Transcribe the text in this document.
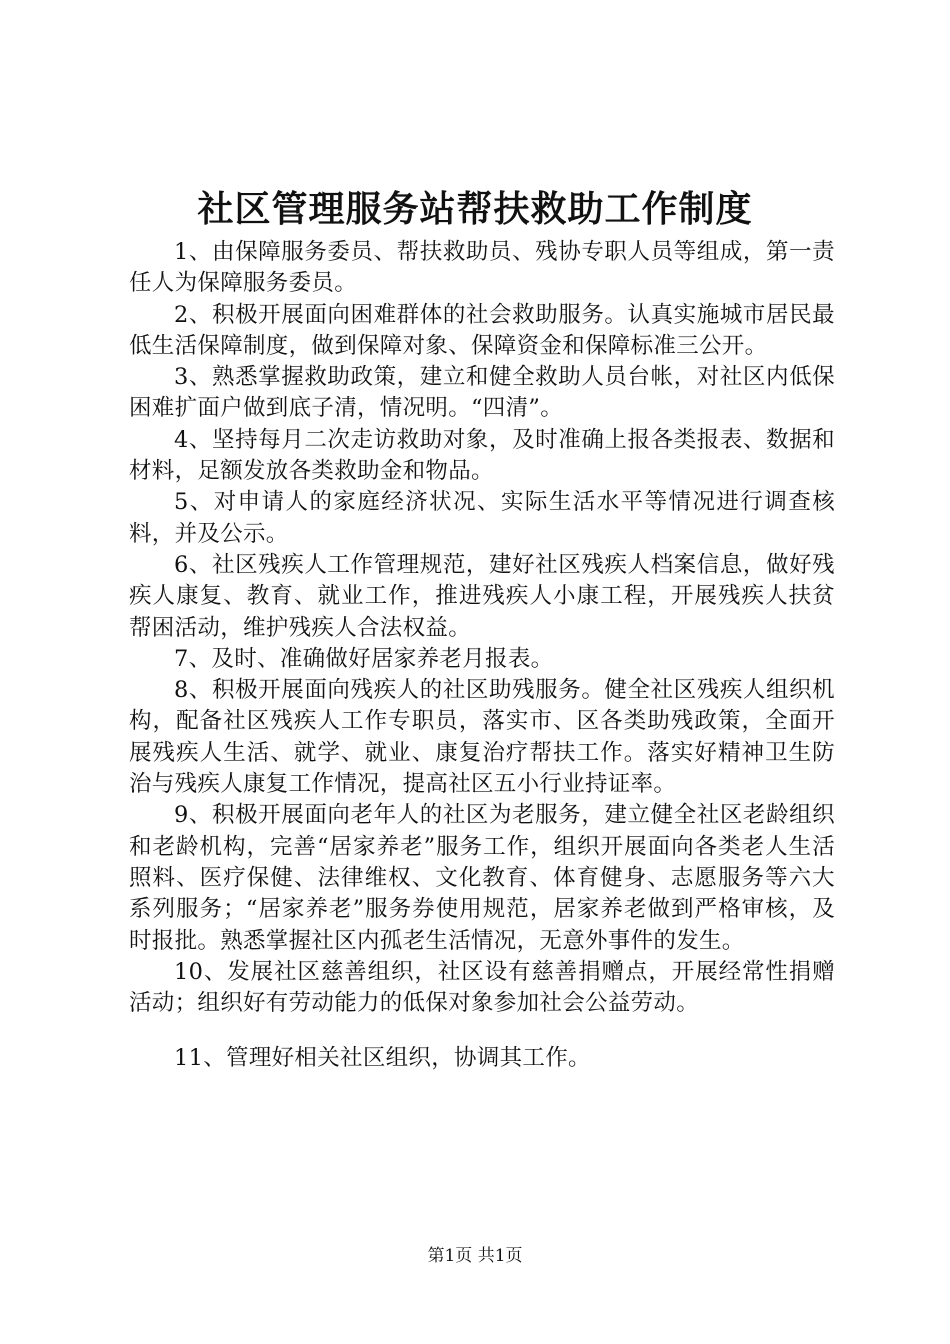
社区管理服务站帮扶救助工作制度

1、由保障服务委员、帮扶救助员、残协专职人员等组成，第一责任人为保障服务委员。

2、积极开展面向困难群体的社会救助服务。认真实施城市居民最低生活保障制度，做到保障对象、保障资金和保障标准三公开。

3、熟悉掌握救助政策，建立和健全救助人员台帐，对社区内低保困难扩面户做到底子清，情况明。“四清”。

4、坚持每月二次走访救助对象，及时准确上报各类报表、数据和材料，足额发放各类救助金和物品。

5、对申请人的家庭经济状况、实际生活水平等情况进行调查核料，并及公示。

6、社区残疾人工作管理规范，建好社区残疾人档案信息，做好残疾人康复、教育、就业工作，推进残疾人小康工程，开展残疾人扶贫帮困活动，维护残疾人合法权益。

7、及时、准确做好居家养老月报表。

8、积极开展面向残疾人的社区助残服务。健全社区残疾人组织机构，配备社区残疾人工作专职员，落实市、区各类助残政策，全面开展残疾人生活、就学、就业、康复治疗帮扶工作。落实好精神卫生防治与残疾人康复工作情况，提高社区五小行业持证率。

9、积极开展面向老年人的社区为老服务，建立健全社区老龄组织和老龄机构，完善“居家养老”服务工作，组织开展面向各类老人生活照料、医疗保健、法律维权、文化教育、体育健身、志愿服务等六大系列服务；“居家养老”服务券使用规范，居家养老做到严格审核，及时报批。熟悉掌握社区内孤老生活情况，无意外事件的发生。

10、发展社区慈善组织，社区设有慈善捐赠点，开展经常性捐赠活动；组织好有劳动能力的低保对象参加社会公益劳动。

11、管理好相关社区组织，协调其工作。

第1页 共1页
